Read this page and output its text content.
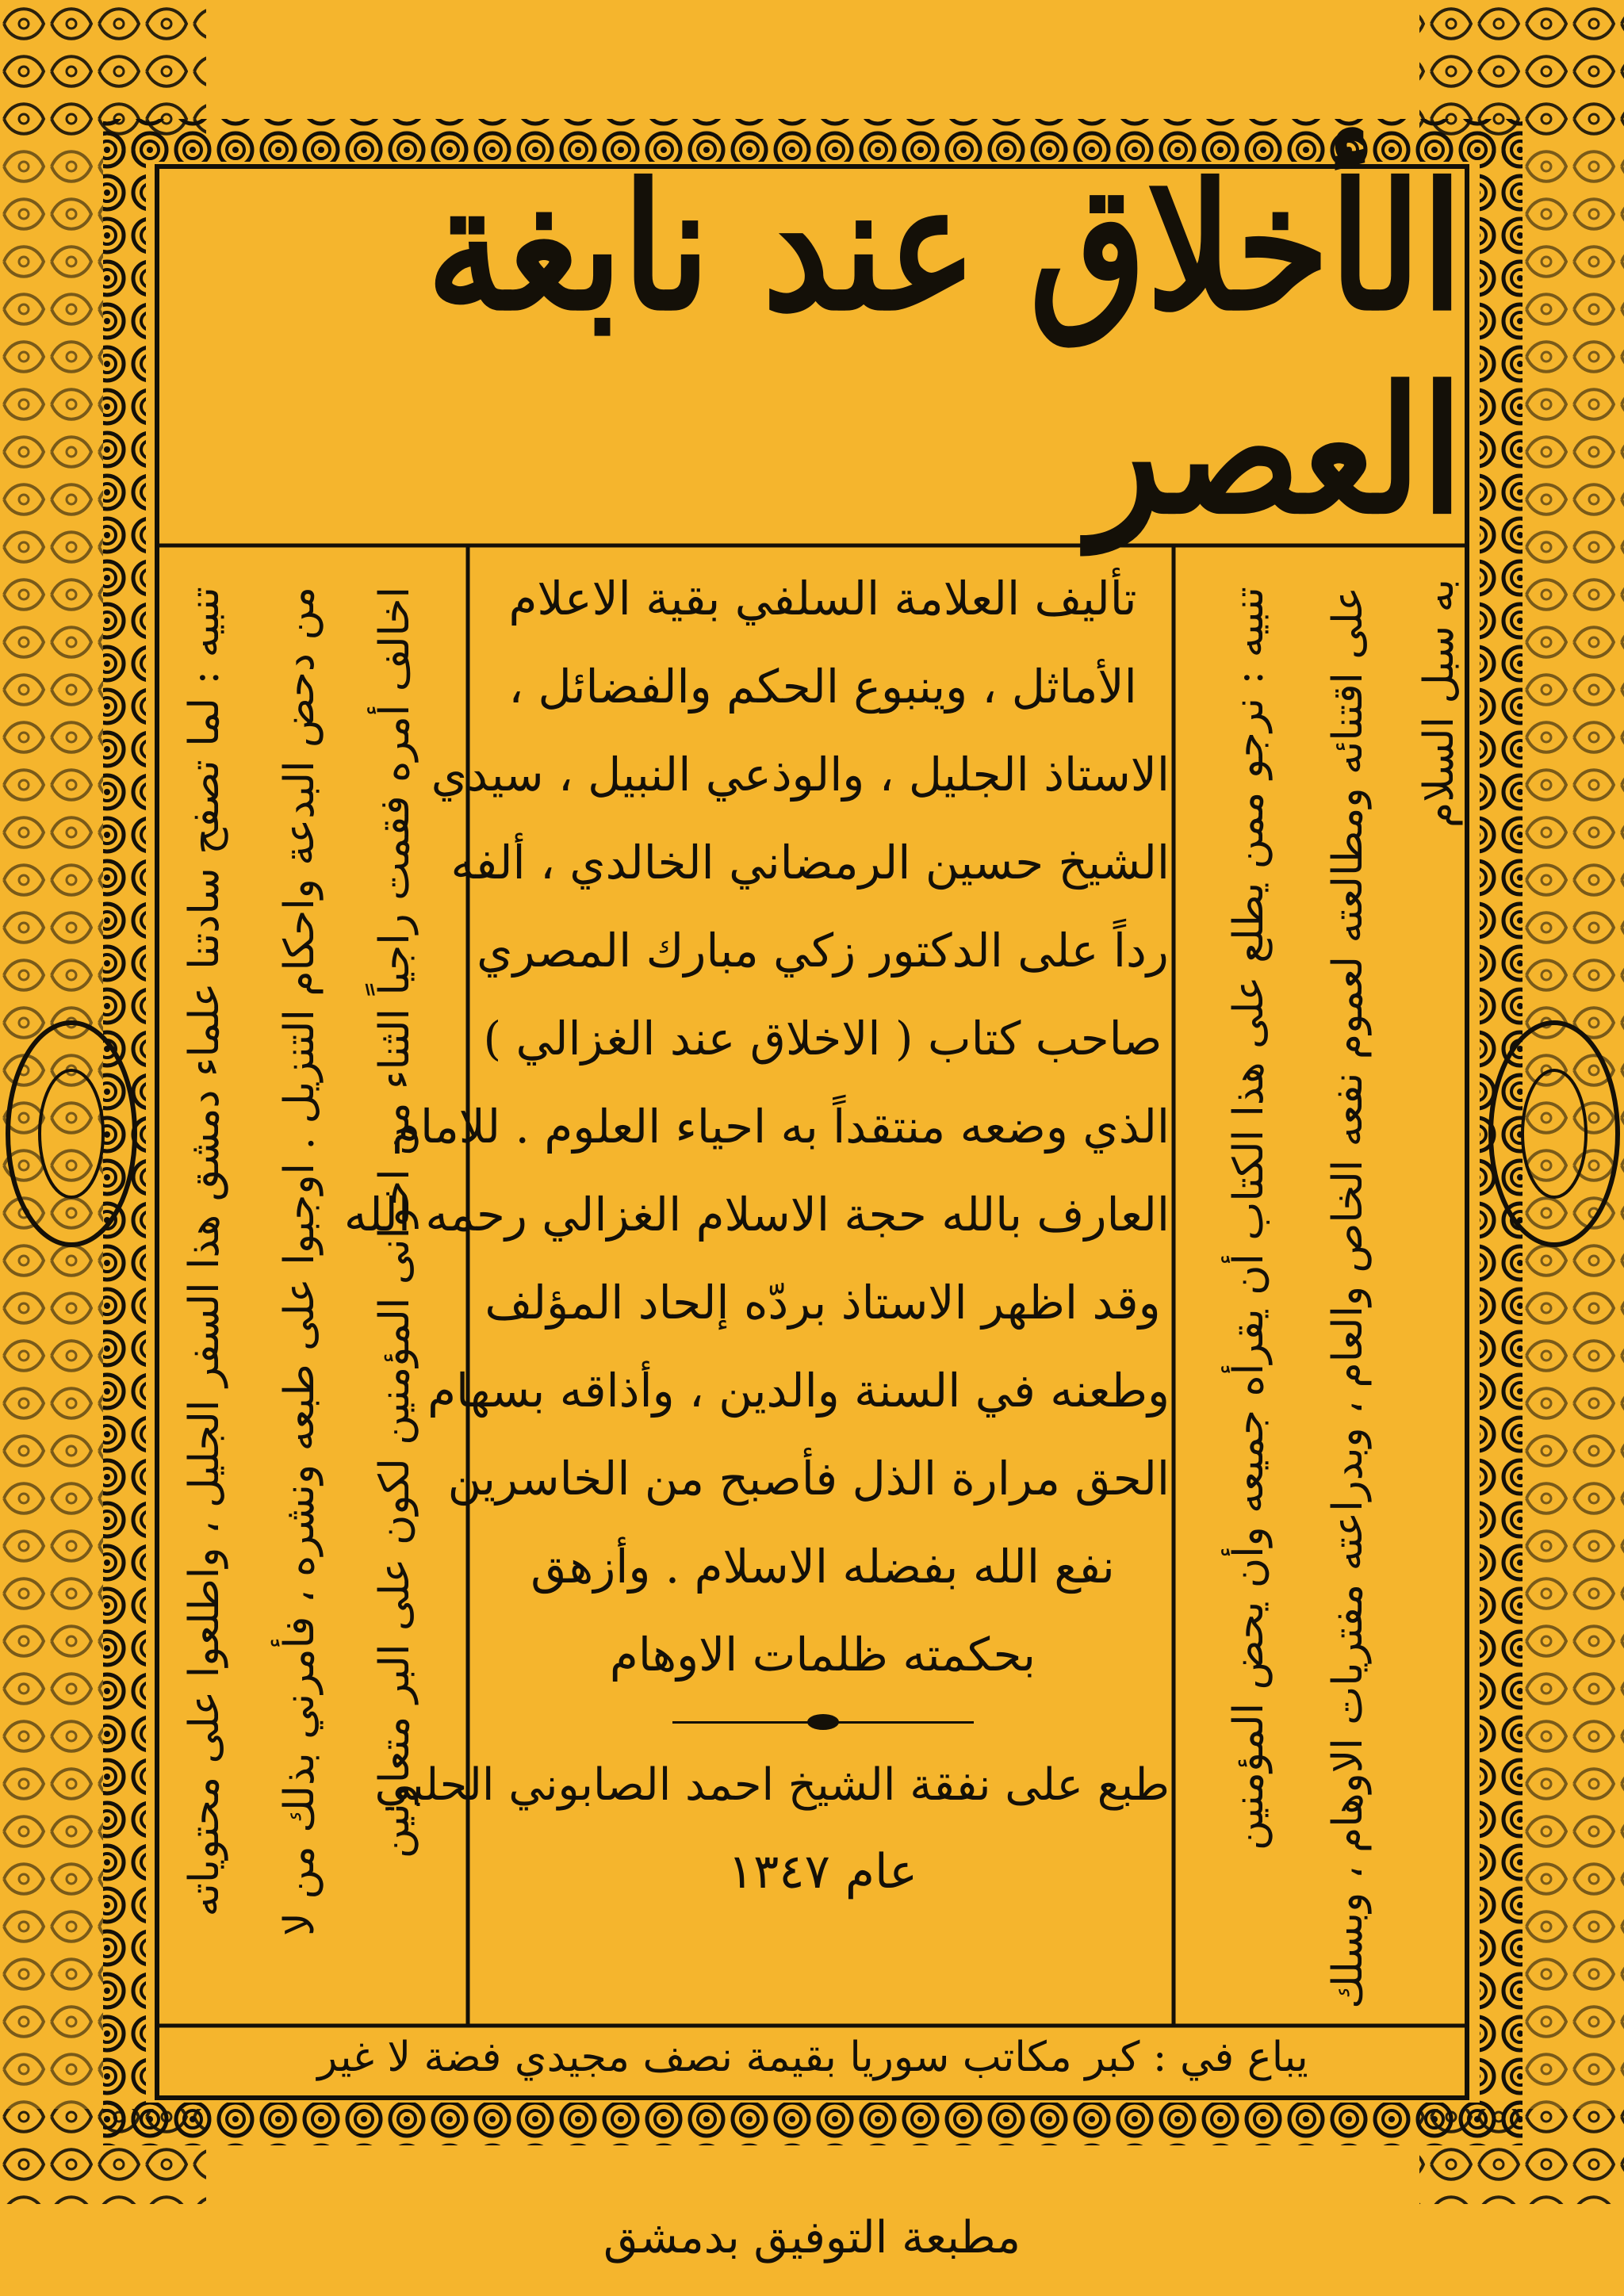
الأخلاق عند نابغة العصر
تأليف العلامة السلفي بقية الاعلام
الأماثل ، وينبوع الحكم والفضائل ،
الاستاذ الجليل ، والوذعي النبيل ، سيدي
الشيخ حسين الرمضاني الخالدي ، ألفه
رداً على الدكتور زكي مبارك المصري
صاحب كتاب ( الاخلاق عند الغزالي )
الذي وضعه منتقداً به احياء العلوم . للامام
العارف بالله حجة الاسلام الغزالي رحمه الله
وقد اظهر الاستاذ بردّه إلحاد المؤلف
وطعنه في السنة والدين ، وأذاقه بسهام
الحق مرارة الذل فأصبح من الخاسرين
نفع الله بفضله الاسلام . وأزهق
بحكمته ظلمات الاوهام
طبع على نفقة الشيخ احمد الصابوني الحلبي
عام ١٣٤٧
تنبيه : نرجو ممن يطلع على هذا الكتاب أن يقرأه جميعه وأن يحض المؤمنين على اقتنائه ومطالعته لعموم نفعه الخاص والعام ، وبدراعته مفتريات الاوهام ، وبسلك به سبل السلام
تنبيه : لما تصفح سادتنا علماء دمشق هذا السفر الجليل ، واطلعوا على محتوياته من دحض البدعة واحكام التنزيل . اوجبوا على طبعه ونشره ، فأمرني بذلك من لا اخالف أمره فقمت راجياً الثناء من اخوانى المؤمنين لكون على البر متعاونين
يباع في : كبر مكاتب سوريا بقيمة نصف مجيدي فضة لا غير
مطبعة التوفيق بدمشق
